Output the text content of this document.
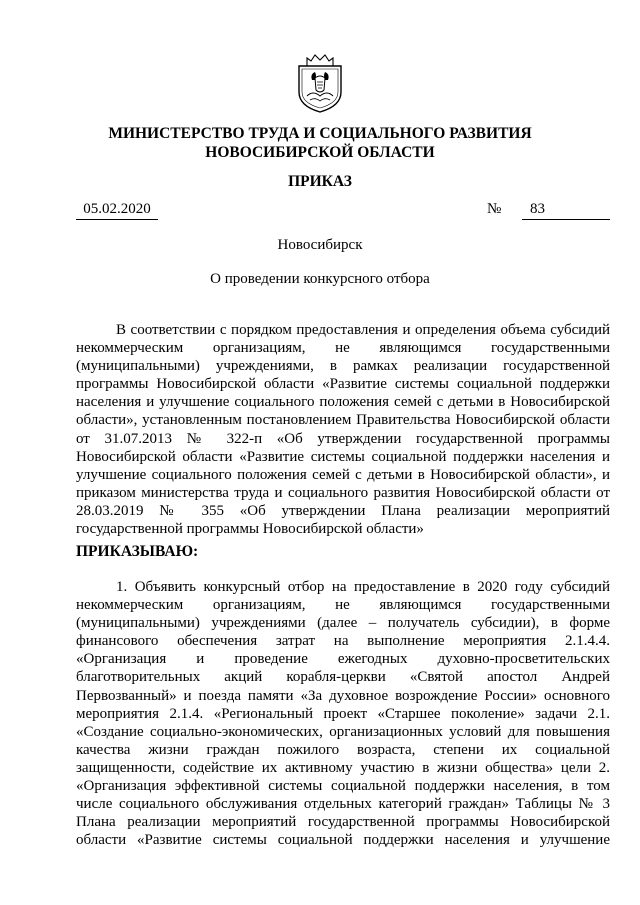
МИНИСТЕРСТВО ТРУДА И СОЦИАЛЬНОГО РАЗВИТИЯ
НОВОСИБИРСКОЙ ОБЛАСТИ
ПРИКАЗ
05.02.2020	№	83
Новосибирск
О проведении конкурсного отбора
В соответствии с порядком предоставления и определения объема субсидий
некоммерческим организациям, не являющимся государственными
(муниципальными) учреждениями, в рамках реализации государственной
программы Новосибирской области «Развитие системы социальной поддержки
населения и улучшение социального положения семей с детьми в Новосибирской
области», установленным постановлением Правительства Новосибирской области
от 31.07.2013 № 322-п «Об утверждении государственной программы
Новосибирской области «Развитие системы социальной поддержки населения и
улучшение социального положения семей с детьми в Новосибирской области», и
приказом министерства труда и социального развития Новосибирской области от
28.03.2019 № 355 «Об утверждении Плана реализации мероприятий
государственной программы Новосибирской области»
ПРИКАЗЫВАЮ:
1. Объявить конкурсный отбор на предоставление в 2020 году субсидий
некоммерческим организациям, не являющимся государственными
(муниципальными) учреждениями (далее – получатель субсидии), в форме
финансового обеспечения затрат на выполнение мероприятия 2.1.4.4.
«Организация и проведение ежегодных духовно-просветительских
благотворительных акций корабля-церкви «Святой апостол Андрей
Первозванный» и поезда памяти «За духовное возрождение России» основного
мероприятия 2.1.4. «Региональный проект «Старшее поколение» задачи 2.1.
«Создание социально-экономических, организационных условий для повышения
качества жизни граждан пожилого возраста, степени их социальной
защищенности, содействие их активному участию в жизни общества» цели 2.
«Организация эффективной системы социальной поддержки населения, в том
числе социального обслуживания отдельных категорий граждан» Таблицы № 3
Плана реализации мероприятий государственной программы Новосибирской
области «Развитие системы социальной поддержки населения и улучшение
